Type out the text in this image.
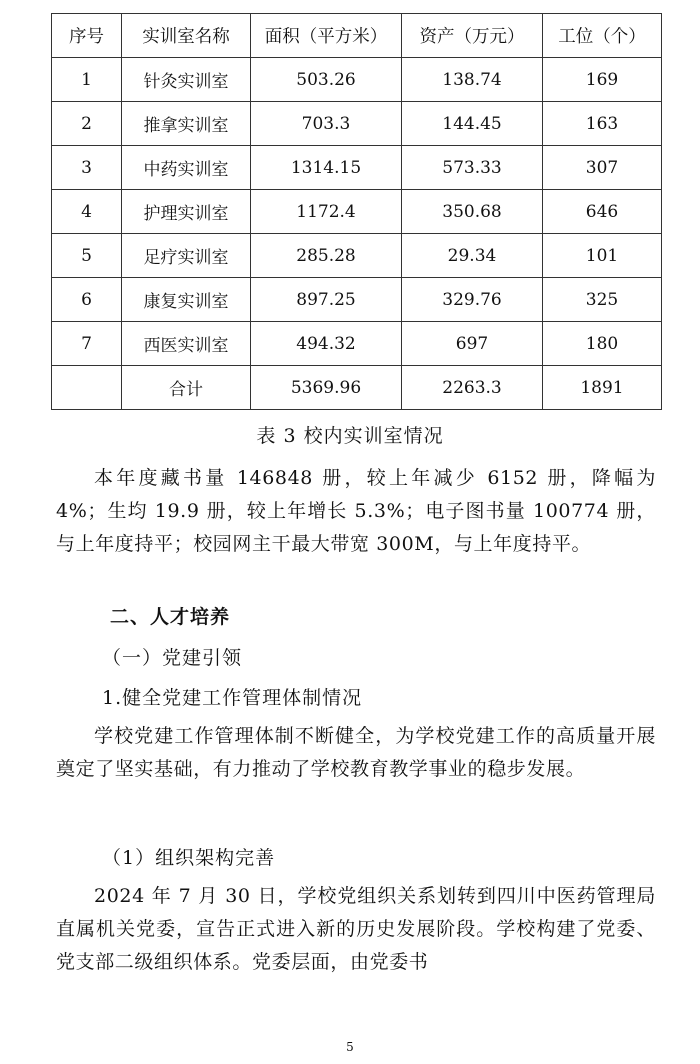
序号	实训室名称	面积（平方米）	资产（万元）	工位（个）
1	针灸实训室	503.26	138.74	169
2	推拿实训室	703.3	144.45	163
3	中药实训室	1314.15	573.33	307
4	护理实训室	1172.4	350.68	646
5	足疗实训室	285.28	29.34	101
6	康复实训室	897.25	329.76	325
7	西医实训室	494.32	697	180
	合计	5369.96	2263.3	1891
表 3 校内实训室情况

本年度藏书量 146848 册，较上年减少 6152 册，降幅为 4%；生均 19.9 册，较上年增长 5.3%；电子图书量 100774 册，与上年度持平；校园网主干最大带宽 300M，与上年度持平。

二、人才培养
（一）党建引领
1.健全党建工作管理体制情况

学校党建工作管理体制不断健全，为学校党建工作的高质量开展奠定了坚实基础，有力推动了学校教育教学事业的稳步发展。

（1）组织架构完善

2024 年 7 月 30 日，学校党组织关系划转到四川中医药管理局直属机关党委，宣告正式进入新的历史发展阶段。学校构建了党委、党支部二级组织体系。党委层面，由党委书

5
